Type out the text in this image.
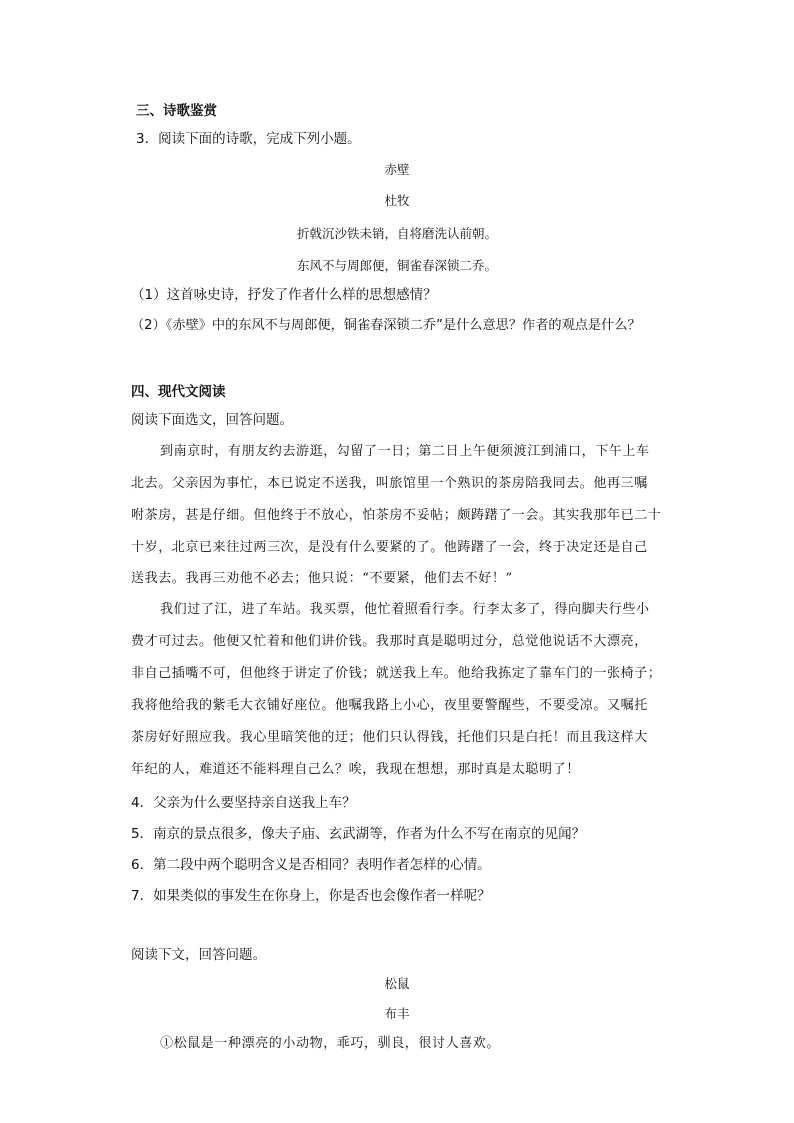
三、诗歌鉴赏
3．阅读下面的诗歌，完成下列小题。
赤壁
杜牧
折戟沉沙铁未销，自将磨洗认前朝。
东风不与周郎便，铜雀春深锁二乔。
（1）这首咏史诗，抒发了作者什么样的思想感情？
（2）《赤壁》中的东风不与周郎便，铜雀春深锁二乔”是什么意思？作者的观点是什么？
四、现代文阅读
阅读下面选文，回答问题。
到南京时，有朋友约去游逛，勾留了一日；第二日上午便须渡江到浦口，下午上车
北去。父亲因为事忙，本已说定不送我，叫旅馆里一个熟识的茶房陪我同去。他再三嘱
咐茶房，甚是仔细。但他终于不放心，怕茶房不妥帖；颇踌躇了一会。其实我那年已二十
十岁，北京已来往过两三次，是没有什么要紧的了。他踌躇了一会，终于决定还是自己
送我去。我再三劝他不必去；他只说：“不要紧，他们去不好！”
我们过了江，进了车站。我买票，他忙着照看行李。行李太多了，得向脚夫行些小
费才可过去。他便又忙着和他们讲价钱。我那时真是聪明过分，总觉他说话不大漂亮，
非自己插嘴不可，但他终于讲定了价钱；就送我上车。他给我拣定了靠车门的一张椅子；
我将他给我的紫毛大衣铺好座位。他嘱我路上小心，夜里要警醒些，不要受凉。又嘱托
茶房好好照应我。我心里暗笑他的迂；他们只认得钱，托他们只是白托！而且我这样大
年纪的人，难道还不能料理自己么？唉，我现在想想，那时真是太聪明了！
4．父亲为什么要坚持亲自送我上车？
5．南京的景点很多，像夫子庙、玄武湖等，作者为什么不写在南京的见闻？
6．第二段中两个聪明含义是否相同？表明作者怎样的心情。
7．如果类似的事发生在你身上，你是否也会像作者一样呢？
阅读下文，回答问题。
松鼠
布丰
①松鼠是一种漂亮的小动物，乖巧，驯良，很讨人喜欢。
